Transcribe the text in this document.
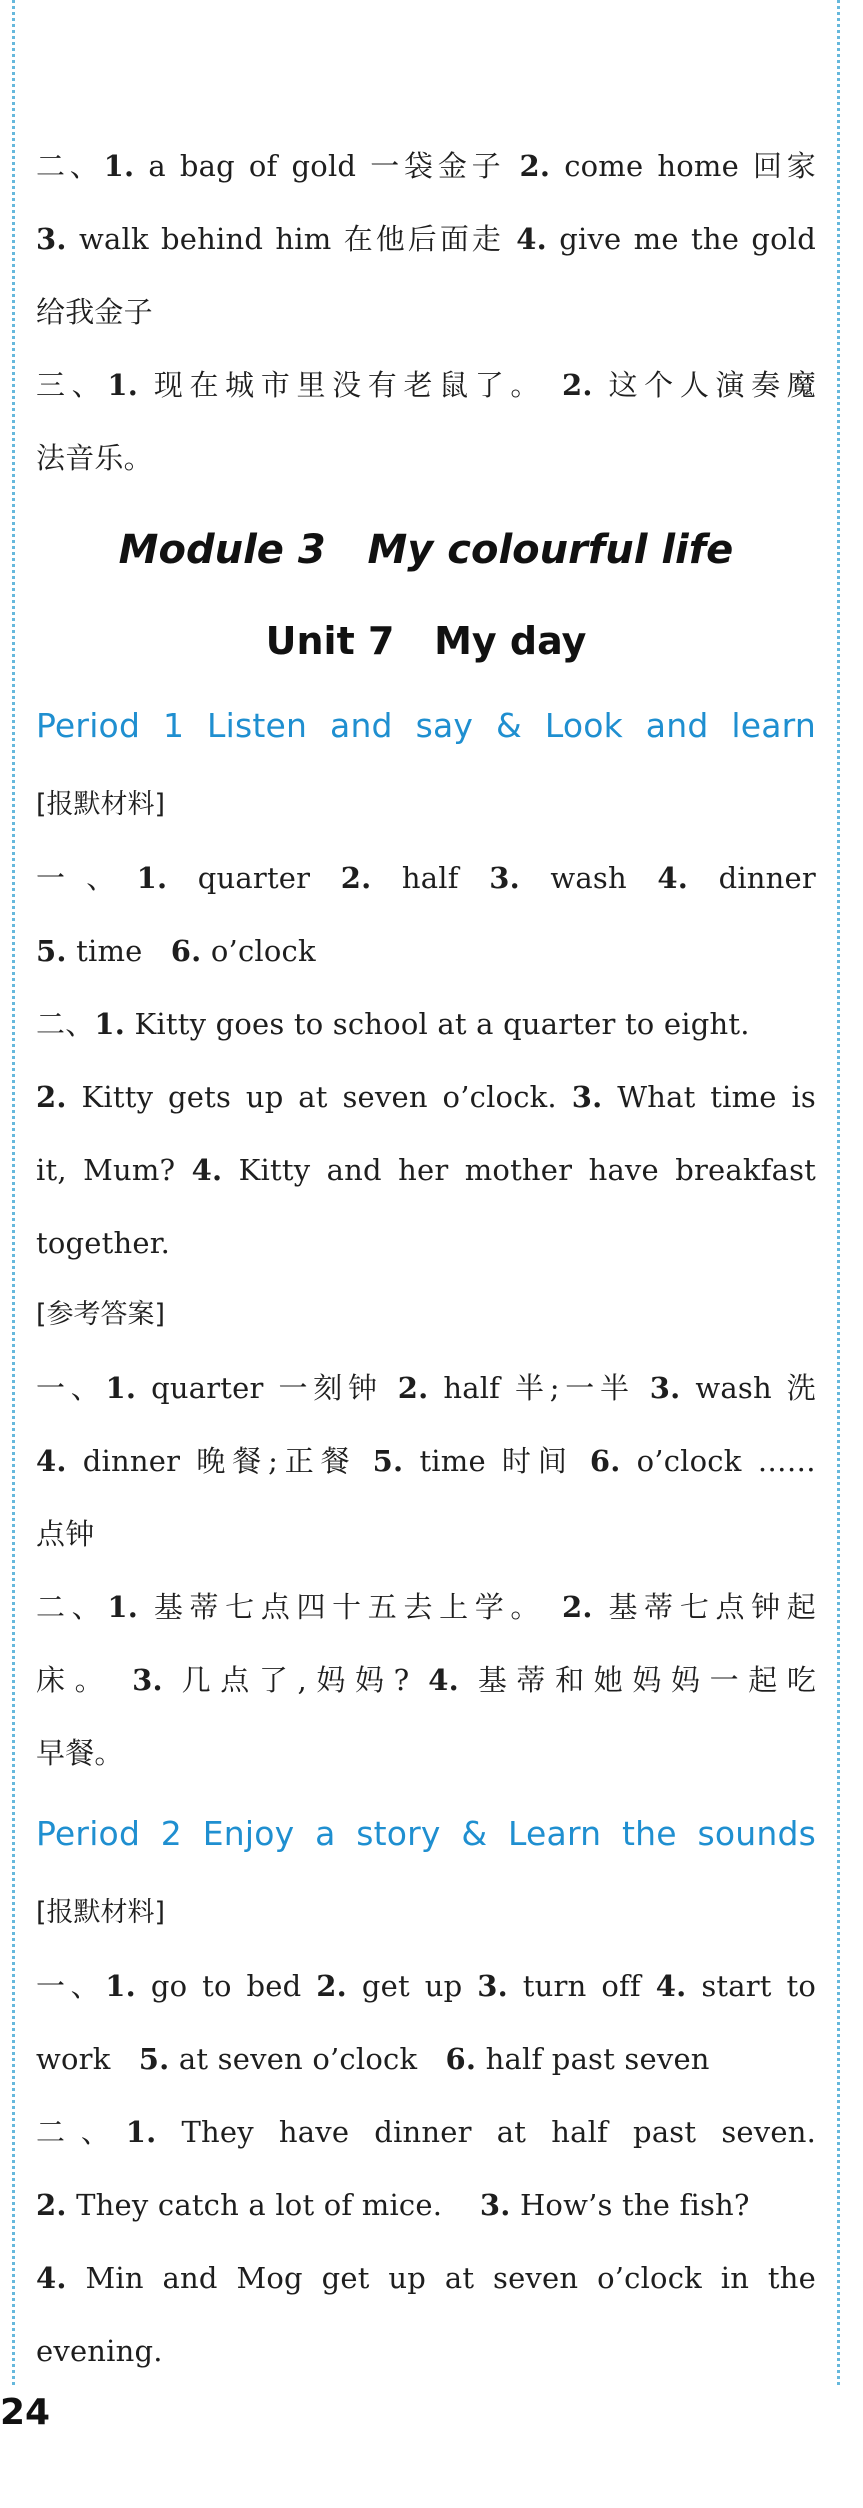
二、1. a bag of gold 一袋金子 2. come home 回家
3. walk behind him 在他后面走 4. give me the gold
给我金子
三、1. 现在城市里没有老鼠了。 2. 这个人演奏魔
法音乐。
Module 3   My colourful life
Unit 7   My day
Period 1 Listen and say & Look and learn
[报默材料]
一、1. quarter 2. half 3. wash 4. dinner
5. time 6. o’clock
二、1. Kitty goes to school at a quarter to eight.
2. Kitty gets up at seven o’clock. 3. What time is
it, Mum? 4. Kitty and her mother have breakfast
together.
[参考答案]
一、1. quarter 一刻钟 2. half 半;一半 3. wash 洗
4. dinner 晚餐;正餐 5. time 时间 6. o’clock ……
点钟
二、1. 基蒂七点四十五去上学。 2. 基蒂七点钟起
床。 3. 几点了,妈妈? 4. 基蒂和她妈妈一起吃
早餐。
Period 2 Enjoy a story & Learn the sounds
[报默材料]
一、1. go to bed 2. get up 3. turn off 4. start to
work 5. at seven o’clock 6. half past seven
二、1. They have dinner at half past seven.
2. They catch a lot of mice. 3. How’s the fish?
4. Min and Mog get up at seven o’clock in the
evening.
24
